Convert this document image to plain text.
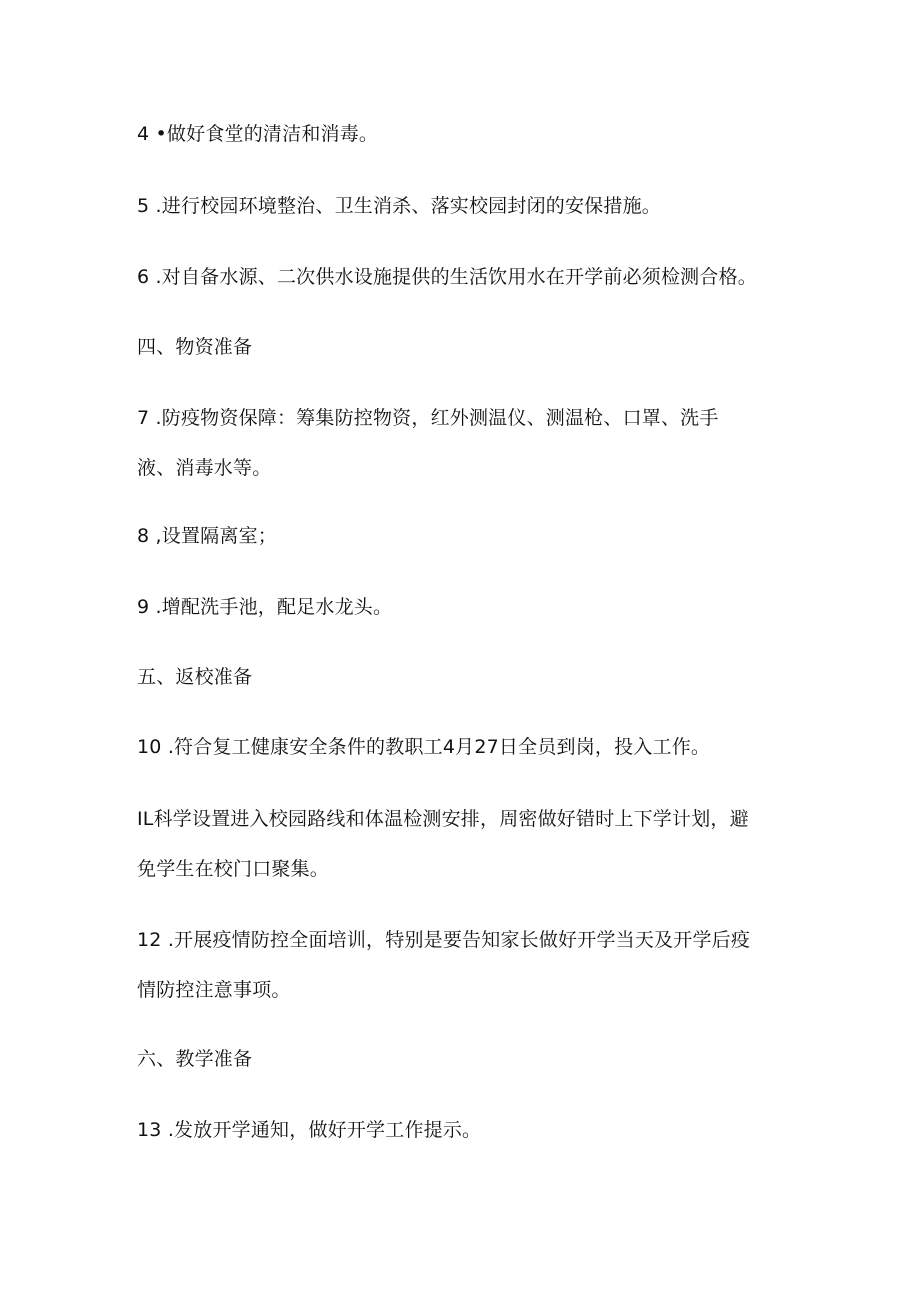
4 •做好食堂的清洁和消毒。
5 .进行校园环境整治、卫生消杀、落实校园封闭的安保措施。
6 .对自备水源、二次供水设施提供的生活饮用水在开学前必须检测合格。
四、物资准备
7 .防疫物资保障：筹集防控物资，红外测温仪、测温枪、口罩、洗手
液、消毒水等。
8 ,设置隔离室；
9 .增配洗手池，配足水龙头。
五、返校准备
10 .符合复工健康安全条件的教职工4月27日全员到岗，投入工作。
IL科学设置进入校园路线和体温检测安排，周密做好错时上下学计划，避
免学生在校门口聚集。
12 .开展疫情防控全面培训，特别是要告知家长做好开学当天及开学后疫
情防控注意事项。
六、教学准备
13 .发放开学通知，做好开学工作提示。
